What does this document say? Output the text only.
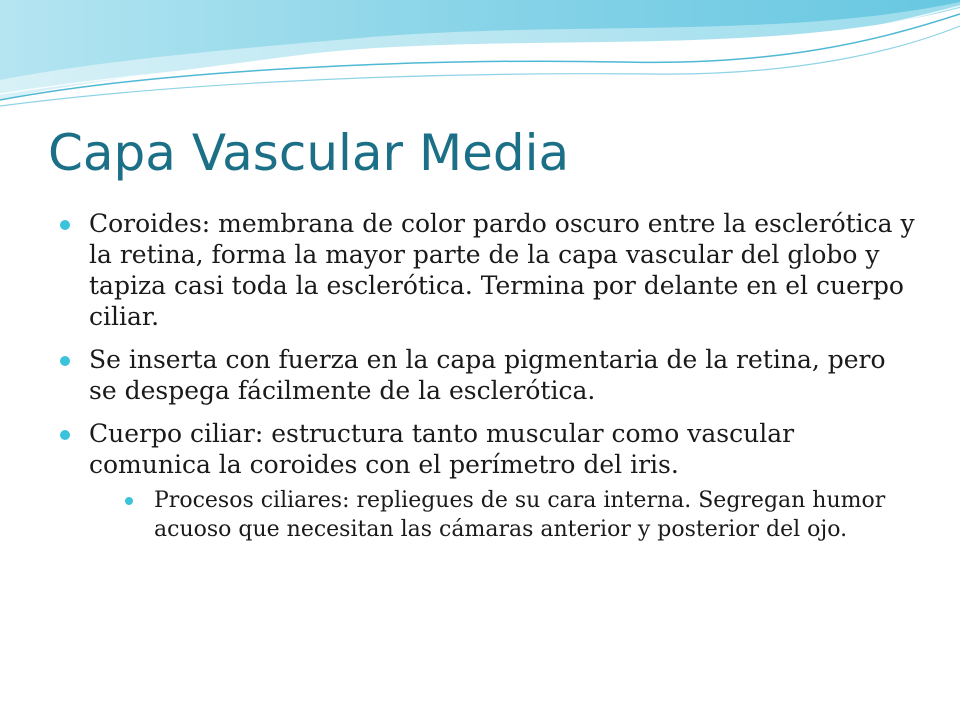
Capa Vascular Media
Coroides: membrana de color pardo oscuro entre la esclerótica y la retina, forma la mayor parte de la capa vascular del globo y tapiza casi toda la esclerótica. Termina por delante en el cuerpo ciliar.
Se inserta con fuerza en la capa pigmentaria de la retina, pero se despega fácilmente de la esclerótica.
Cuerpo ciliar: estructura tanto muscular como vascular comunica la coroides con el perímetro del iris.
Procesos ciliares: repliegues de su cara interna. Segregan humor acuoso que necesitan las cámaras anterior y posterior del ojo.
